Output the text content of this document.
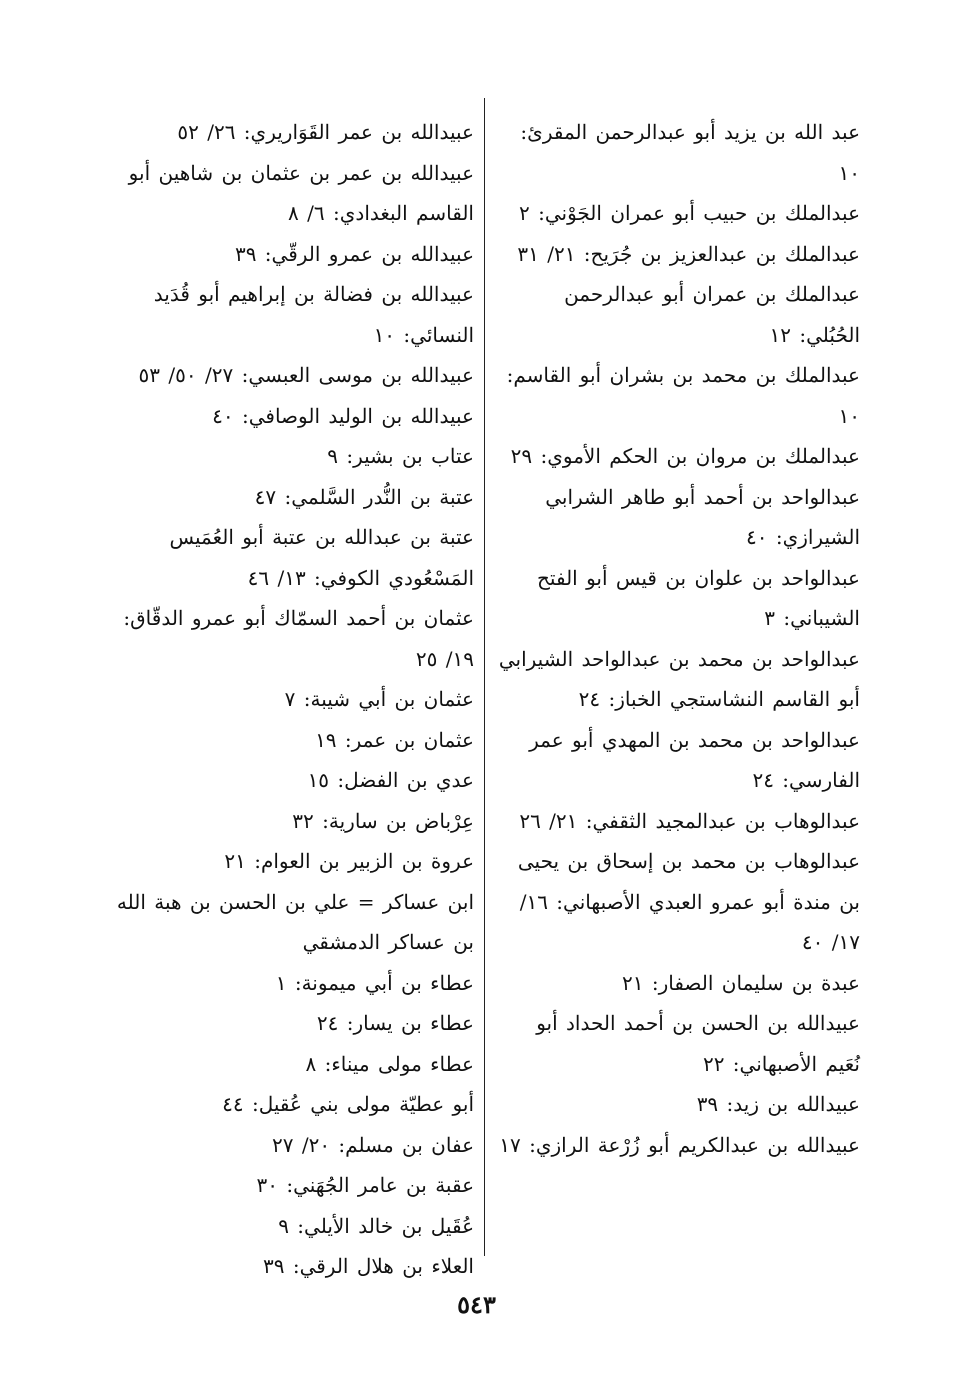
عبد الله بن يزيد أبو عبدالرحمن المقرئ: ١٠
عبدالملك بن حبيب أبو عمران الجَوْني: ٢
عبدالملك بن عبدالعزيز بن جُرَيح: ٢١/ ٣١
عبدالملك بن عمران أبو عبدالرحمن الحُبُلي: ١٢
عبدالملك بن محمد بن بشران أبو القاسم: ١٠
عبدالملك بن مروان بن الحكم الأموي: ٢٩
عبدالواحد بن أحمد أبو طاهر الشرابي الشيرازي: ٤٠
عبدالواحد بن علوان بن قيس أبو الفتح الشيباني: ٣
عبدالواحد بن محمد بن عبدالواحد الشيرابي أبو القاسم النشاستجي الخباز: ٢٤
عبدالواحد بن محمد بن المهدي أبو عمر الفارسي: ٢٤
عبدالوهاب بن عبدالمجيد الثقفي: ٢١/ ٢٦
عبدالوهاب بن محمد بن إسحاق بن يحيى بن مندة أبو عمرو العبدي الأصبهاني: ١٦/ ١٧/ ٤٠
عبدة بن سليمان الصفار: ٢١
عبيدالله بن الحسن بن أحمد الحداد أبو نُعَيم الأصبهاني: ٢٢
عبيدالله بن زيد: ٣٩
عبيدالله بن عبدالكريم أبو زُرْعة الرازي: ١٧
عبيدالله بن عمر القَوَاريري: ٢٦/ ٥٢
عبيدالله بن عمر بن عثمان بن شاهين أبو القاسم البغدادي: ٦/ ٨
عبيدالله بن عمرو الرقّي: ٣٩
عبيدالله بن فضالة بن إبراهيم أبو قُدَيد النسائي: ١٠
عبيدالله بن موسى العبسي: ٢٧/ ٥٠/ ٥٣
عبيدالله بن الوليد الوصافي: ٤٠
عتاب بن بشير: ٩
عتبة بن النُّدر السَّلمي: ٤٧
عتبة بن عبدالله بن عتبة أبو العُمَيس المَسْعُودي الكوفي: ١٣/ ٤٦
عثمان بن أحمد السمّاك أبو عمرو الدقّاق: ١٩/ ٢٥
عثمان بن أبي شيبة: ٧
عثمان بن عمر: ١٩
عدي بن الفضل: ١٥
عِرْباض بن سارية: ٣٢
عروة بن الزبير بن العوام: ٢١
ابن عساكر = علي بن الحسن بن هبة الله بن عساكر الدمشقي
عطاء بن أبي ميمونة: ١
عطاء بن يسار: ٢٤
عطاء مولى ميناء: ٨
أبو عطيّة مولى بني عُقيل: ٤٤
عفان بن مسلم: ٢٠/ ٢٧
عقبة بن عامر الجُهَني: ٣٠
عُقَيل بن خالد الأيلي: ٩
العلاء بن هلال الرقي: ٣٩

٥٤٣
